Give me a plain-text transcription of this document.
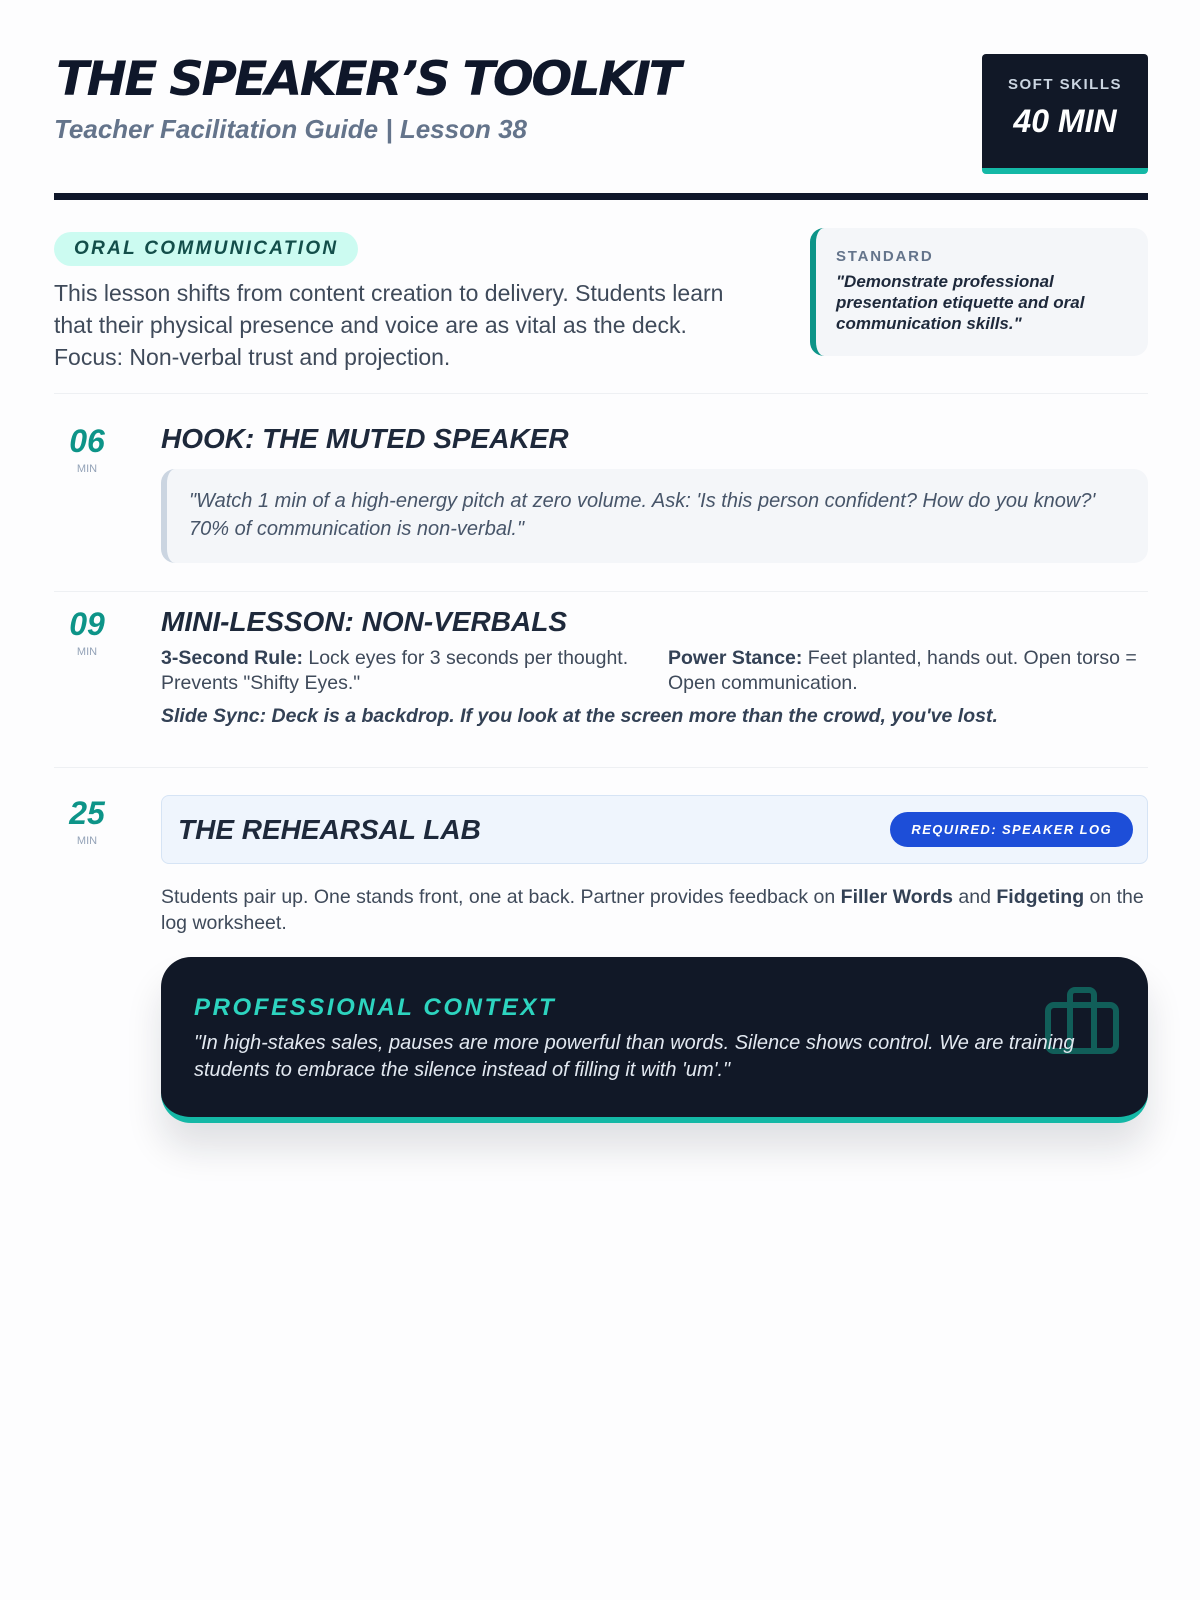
THE SPEAKER’S TOOLKIT
Teacher Facilitation Guide | Lesson 38
SOFT SKILLS
40 MIN
ORAL COMMUNICATION

This lesson shifts from content creation to delivery. Students learn that their physical presence and voice are as vital as the deck. Focus: Non-verbal trust and projection.

STANDARD
"Demonstrate professional presentation etiquette and oral communication skills."
06
MIN
HOOK: THE MUTED SPEAKER
"Watch 1 min of a high-energy pitch at zero volume. Ask: 'Is this person confident? How do you know?' 70% of communication is non-verbal."
09
MIN
MINI-LESSON: NON-VERBALS

3-Second Rule: Lock eyes for 3 seconds per thought. Prevents "Shifty Eyes."

Power Stance: Feet planted, hands out. Open torso = Open communication.

Slide Sync: Deck is a backdrop. If you look at the screen more than the crowd, you've lost.
25
MIN	THE REHEARSAL LAB	REQUIRED: SPEAKER LOG

Students pair up. One stands front, one at back. Partner provides feedback on Filler Words and Fidgeting on the log worksheet.

PROFESSIONAL CONTEXT

"In high-stakes sales, pauses are more powerful than words. Silence shows control. We are training students to embrace the silence instead of filling it with 'um'."
